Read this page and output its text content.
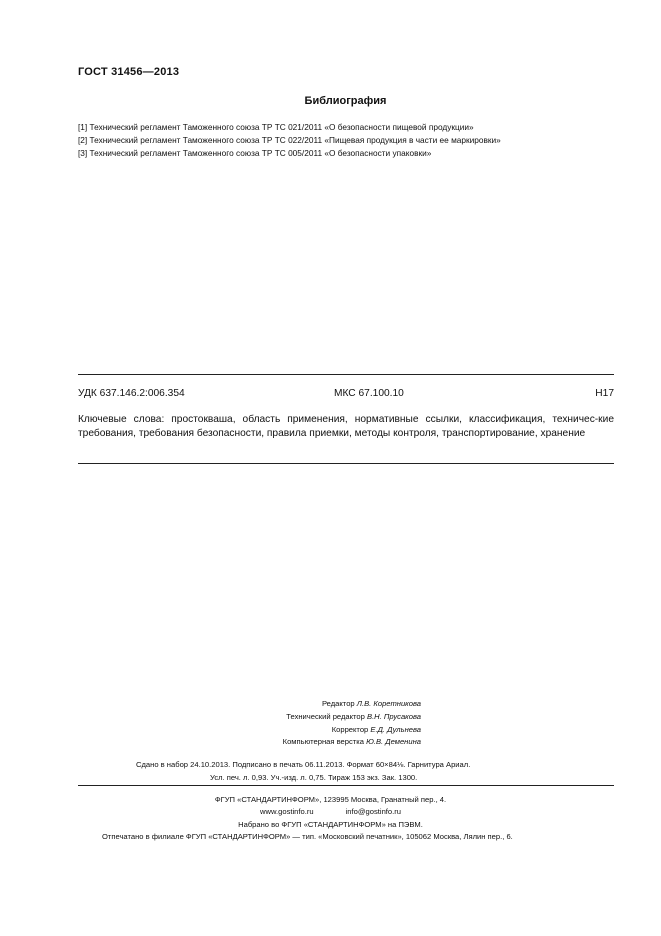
ГОСТ 31456—2013
Библиография
[1] Технический регламент Таможенного союза ТР ТС 021/2011 «О безопасности пищевой продукции»
[2] Технический регламент Таможенного союза ТР ТС 022/2011 «Пищевая продукция в части ее маркировки»
[3] Технический регламент Таможенного союза ТР ТС 005/2011 «О безопасности упаковки»
УДК 637.146.2:006.354	МКС 67.100.10	Н17
Ключевые слова: простокваша, область применения, нормативные ссылки, классификация, техничес-кие требования, требования безопасности, правила приемки, методы контроля, транспортирование, хранение
Редактор Л.В. Коретникова
Технический редактор В.Н. Прусакова
Корректор Е.Д. Дульнева
Компьютерная верстка Ю.В. Деменина
Сдано в набор 24.10.2013. Подписано в печать 06.11.2013. Формат 60×84⅛. Гарнитура Ариал.
Усл. печ. л. 0,93. Уч.-изд. л. 0,75. Тираж 153 экз. Зак. 1300.
ФГУП «СТАНДАРТИНФОРМ», 123995 Москва, Гранатный пер., 4.
www.gostinfo.ru	info@gostinfo.ru
Набрано во ФГУП «СТАНДАРТИНФОРМ» на ПЭВМ.
Отпечатано в филиале ФГУП «СТАНДАРТИНФОРМ» — тип. «Московский печатник», 105062 Москва, Лялин пер., 6.
